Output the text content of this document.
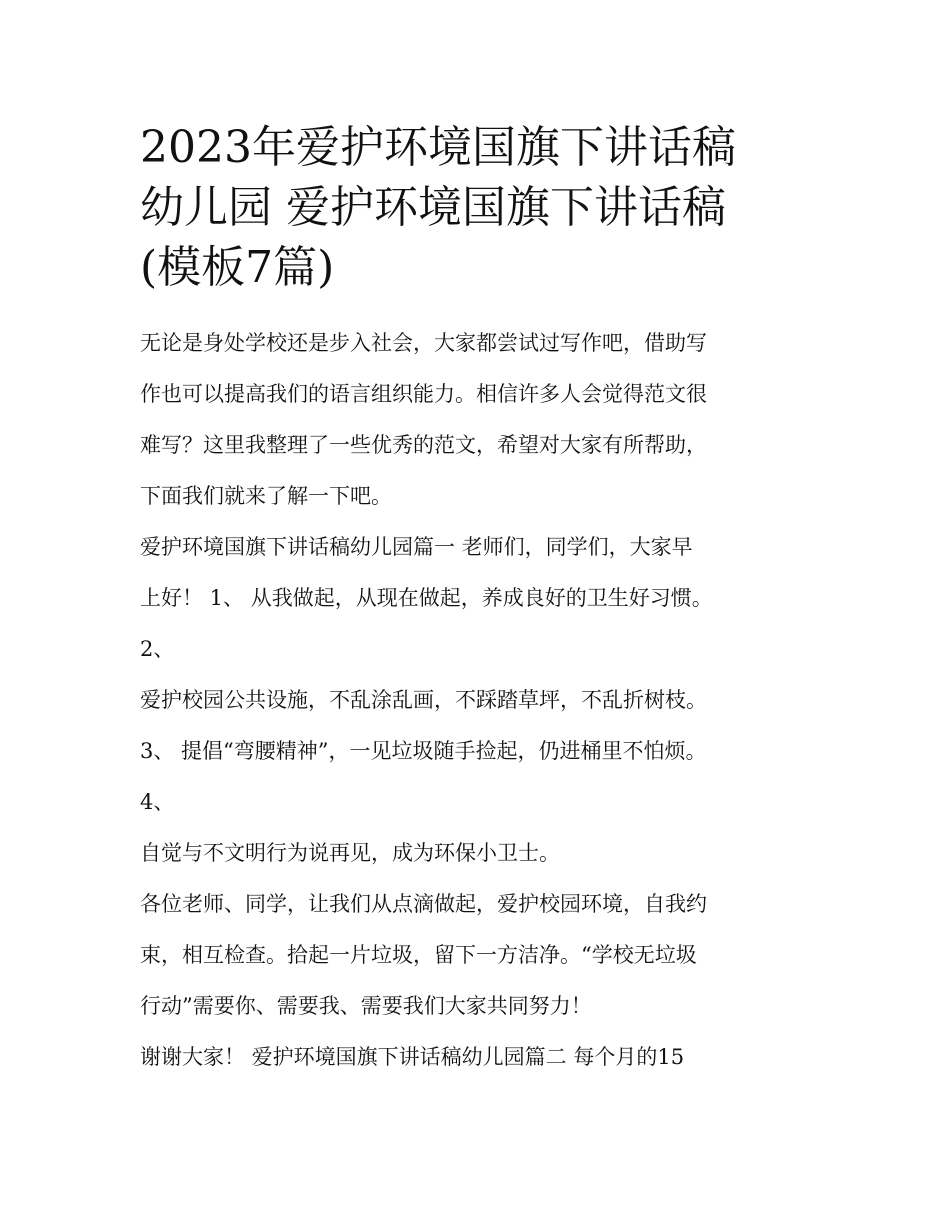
2023年爱护环境国旗下讲话稿
幼儿园 爱护环境国旗下讲话稿
(模板7篇)
无论是身处学校还是步入社会，大家都尝试过写作吧，借助写
作也可以提高我们的语言组织能力。相信许多人会觉得范文很
难写？这里我整理了一些优秀的范文，希望对大家有所帮助，
下面我们就来了解一下吧。
爱护环境国旗下讲话稿幼儿园篇一 老师们，同学们，大家早
上好！ 1、 从我做起，从现在做起，养成良好的卫生好习惯。
2、
爱护校园公共设施，不乱涂乱画，不踩踏草坪，不乱折树枝。
3、 提倡“弯腰精神”，一见垃圾随手捡起，仍进桶里不怕烦。
4、
自觉与不文明行为说再见，成为环保小卫士。
各位老师、同学，让我们从点滴做起，爱护校园环境，自我约
束，相互检查。拾起一片垃圾，留下一方洁净。“学校无垃圾
行动”需要你、需要我、需要我们大家共同努力！
谢谢大家！ 爱护环境国旗下讲话稿幼儿园篇二 每个月的15
